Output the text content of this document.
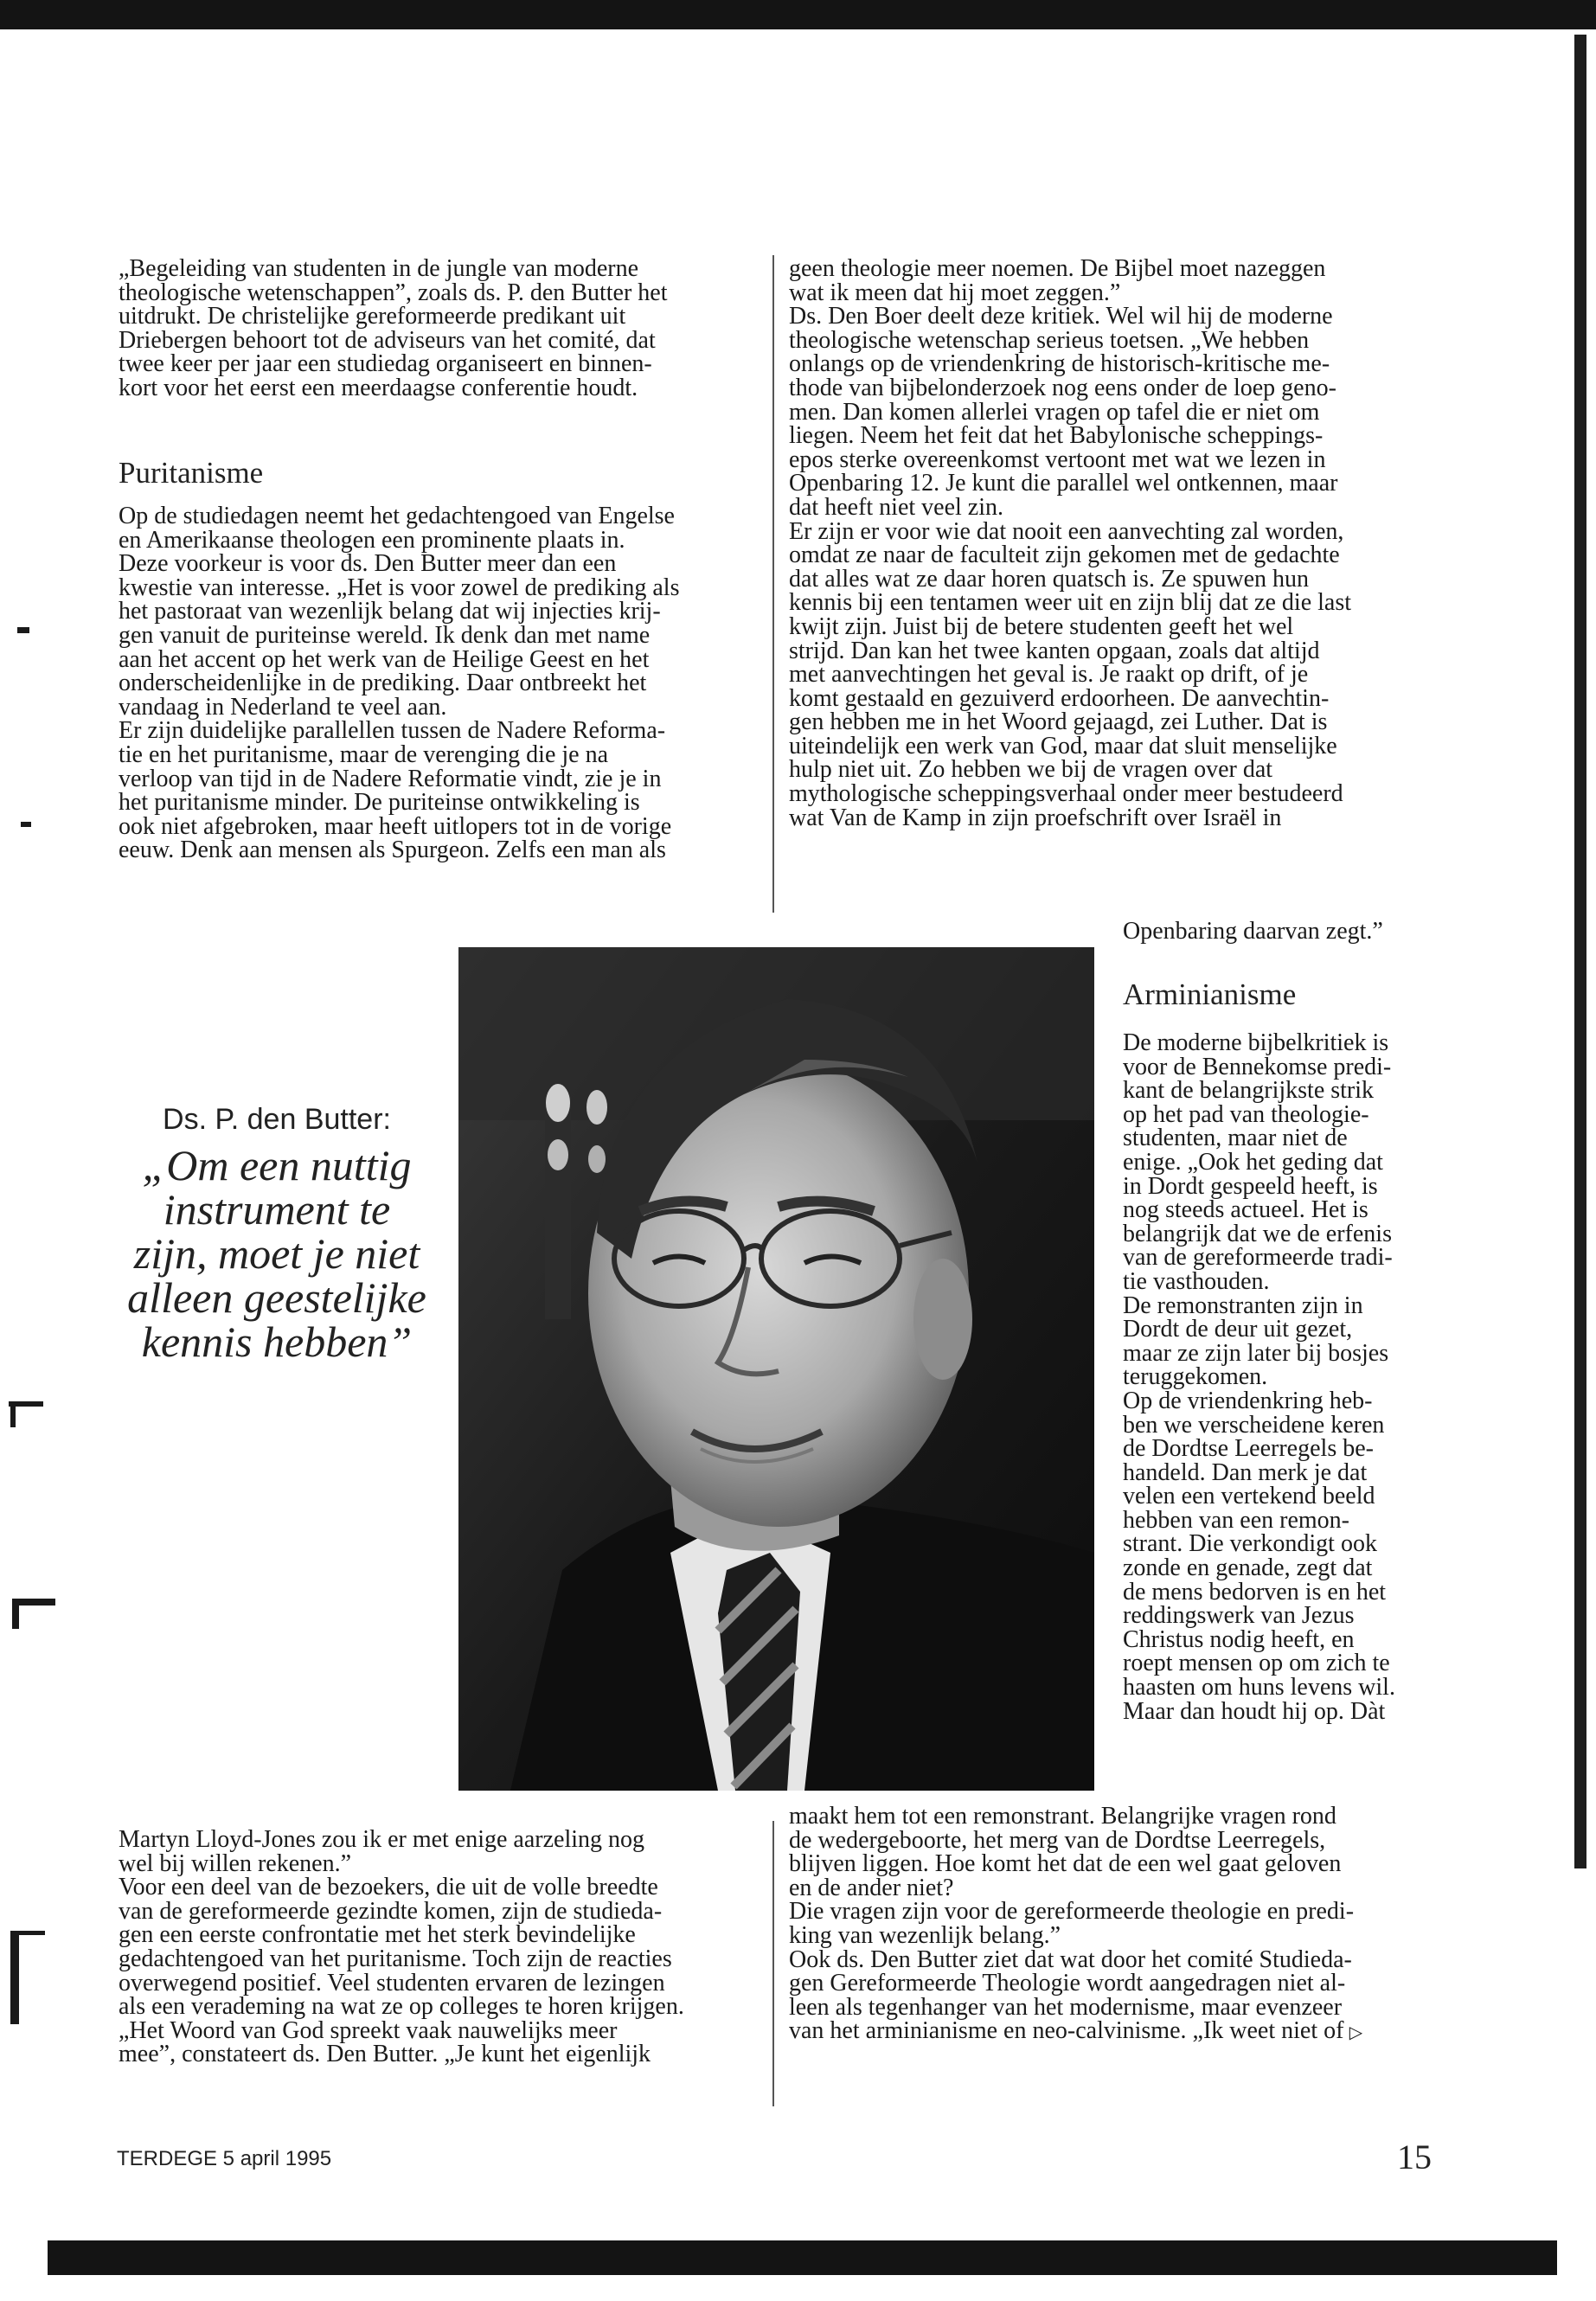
„Begeleiding van studenten in de jungle van moderne

theologische wetenschappen”, zoals ds. P. den Butter het

uitdrukt. De christelijke gereformeerde predikant uit

Driebergen behoort tot de adviseurs van het comité, dat

twee keer per jaar een studiedag organiseert en binnen-

kort voor het eerst een meerdaagse conferentie houdt.

Puritanisme

Op de studiedagen neemt het gedachtengoed van Engelse

en Amerikaanse theologen een prominente plaats in.

Deze voorkeur is voor ds. Den Butter meer dan een

kwestie van interesse. „Het is voor zowel de prediking als

het pastoraat van wezenlijk belang dat wij injecties krij-

gen vanuit de puriteinse wereld. Ik denk dan met name

aan het accent op het werk van de Heilige Geest en het

onderscheidenlijke in de prediking. Daar ontbreekt het

vandaag in Nederland te veel aan.

Er zijn duidelijke parallellen tussen de Nadere Reforma-

tie en het puritanisme, maar de verenging die je na

verloop van tijd in de Nadere Reformatie vindt, zie je in

het puritanisme minder. De puriteinse ontwikkeling is

ook niet afgebroken, maar heeft uitlopers tot in de vorige

eeuw. Denk aan mensen als Spurgeon. Zelfs een man als

geen theologie meer noemen. De Bijbel moet nazeggen

wat ik meen dat hij moet zeggen.”

Ds. Den Boer deelt deze kritiek. Wel wil hij de moderne

theologische wetenschap serieus toetsen. „We hebben

onlangs op de vriendenkring de historisch-kritische me-

thode van bijbelonderzoek nog eens onder de loep geno-

men. Dan komen allerlei vragen op tafel die er niet om

liegen. Neem het feit dat het Babylonische scheppings-

epos sterke overeenkomst vertoont met wat we lezen in

Openbaring 12. Je kunt die parallel wel ontkennen, maar

dat heeft niet veel zin.

Er zijn er voor wie dat nooit een aanvechting zal worden,

omdat ze naar de faculteit zijn gekomen met de gedachte

dat alles wat ze daar horen quatsch is. Ze spuwen hun

kennis bij een tentamen weer uit en zijn blij dat ze die last

kwijt zijn. Juist bij de betere studenten geeft het wel

strijd. Dan kan het twee kanten opgaan, zoals dat altijd

met aanvechtingen het geval is. Je raakt op drift, of je

komt gestaald en gezuiverd erdoorheen. De aanvechtin-

gen hebben me in het Woord gejaagd, zei Luther. Dat is

uiteindelijk een werk van God, maar dat sluit menselijke

hulp niet uit. Zo hebben we bij de vragen over dat

mythologische scheppingsverhaal onder meer bestudeerd

wat Van de Kamp in zijn proefschrift over Israël in

Openbaring daarvan zegt.”
Arminianisme

De moderne bijbelkritiek is

voor de Bennekomse predi-

kant de belangrijkste strik

op het pad van theologie-

studenten, maar niet de

enige. „Ook het geding dat

in Dordt gespeeld heeft, is

nog steeds actueel. Het is

belangrijk dat we de erfenis

van de gereformeerde tradi-

tie vasthouden.

De remonstranten zijn in

Dordt de deur uit gezet,

maar ze zijn later bij bosjes

teruggekomen.

Op de vriendenkring heb-

ben we verscheidene keren

de Dordtse Leerregels be-

handeld. Dan merk je dat

velen een vertekend beeld

hebben van een remon-

strant. Die verkondigt ook

zonde en genade, zegt dat

de mens bedorven is en het

reddingswerk van Jezus

Christus nodig heeft, en

roept mensen op om zich te

haasten om huns levens wil.

Maar dan houdt hij op. Dàt

Ds. P. den Butter:

„Om een nuttig
instrument te
zijn, moet je niet
alleen geestelijke
kennis hebben”

Martyn Lloyd-Jones zou ik er met enige aarzeling nog

wel bij willen rekenen.”

Voor een deel van de bezoekers, die uit de volle breedte

van de gereformeerde gezindte komen, zijn de studieda-

gen een eerste confrontatie met het sterk bevindelijke

gedachtengoed van het puritanisme. Toch zijn de reacties

overwegend positief. Veel studenten ervaren de lezingen

als een verademing na wat ze op colleges te horen krijgen.

„Het Woord van God spreekt vaak nauwelijks meer

mee”, constateert ds. Den Butter. „Je kunt het eigenlijk

maakt hem tot een remonstrant. Belangrijke vragen rond

de wedergeboorte, het merg van de Dordtse Leerregels,

blijven liggen. Hoe komt het dat de een wel gaat geloven

en de ander niet?

Die vragen zijn voor de gereformeerde theologie en predi-

king van wezenlijk belang.”

Ook ds. Den Butter ziet dat wat door het comité Studieda-

gen Gereformeerde Theologie wordt aangedragen niet al-

leen als tegenhanger van het modernisme, maar evenzeer

van het arminianisme en neo-calvinisme. „Ik weet niet of ▷

TERDEGE 5 april 1995	15
